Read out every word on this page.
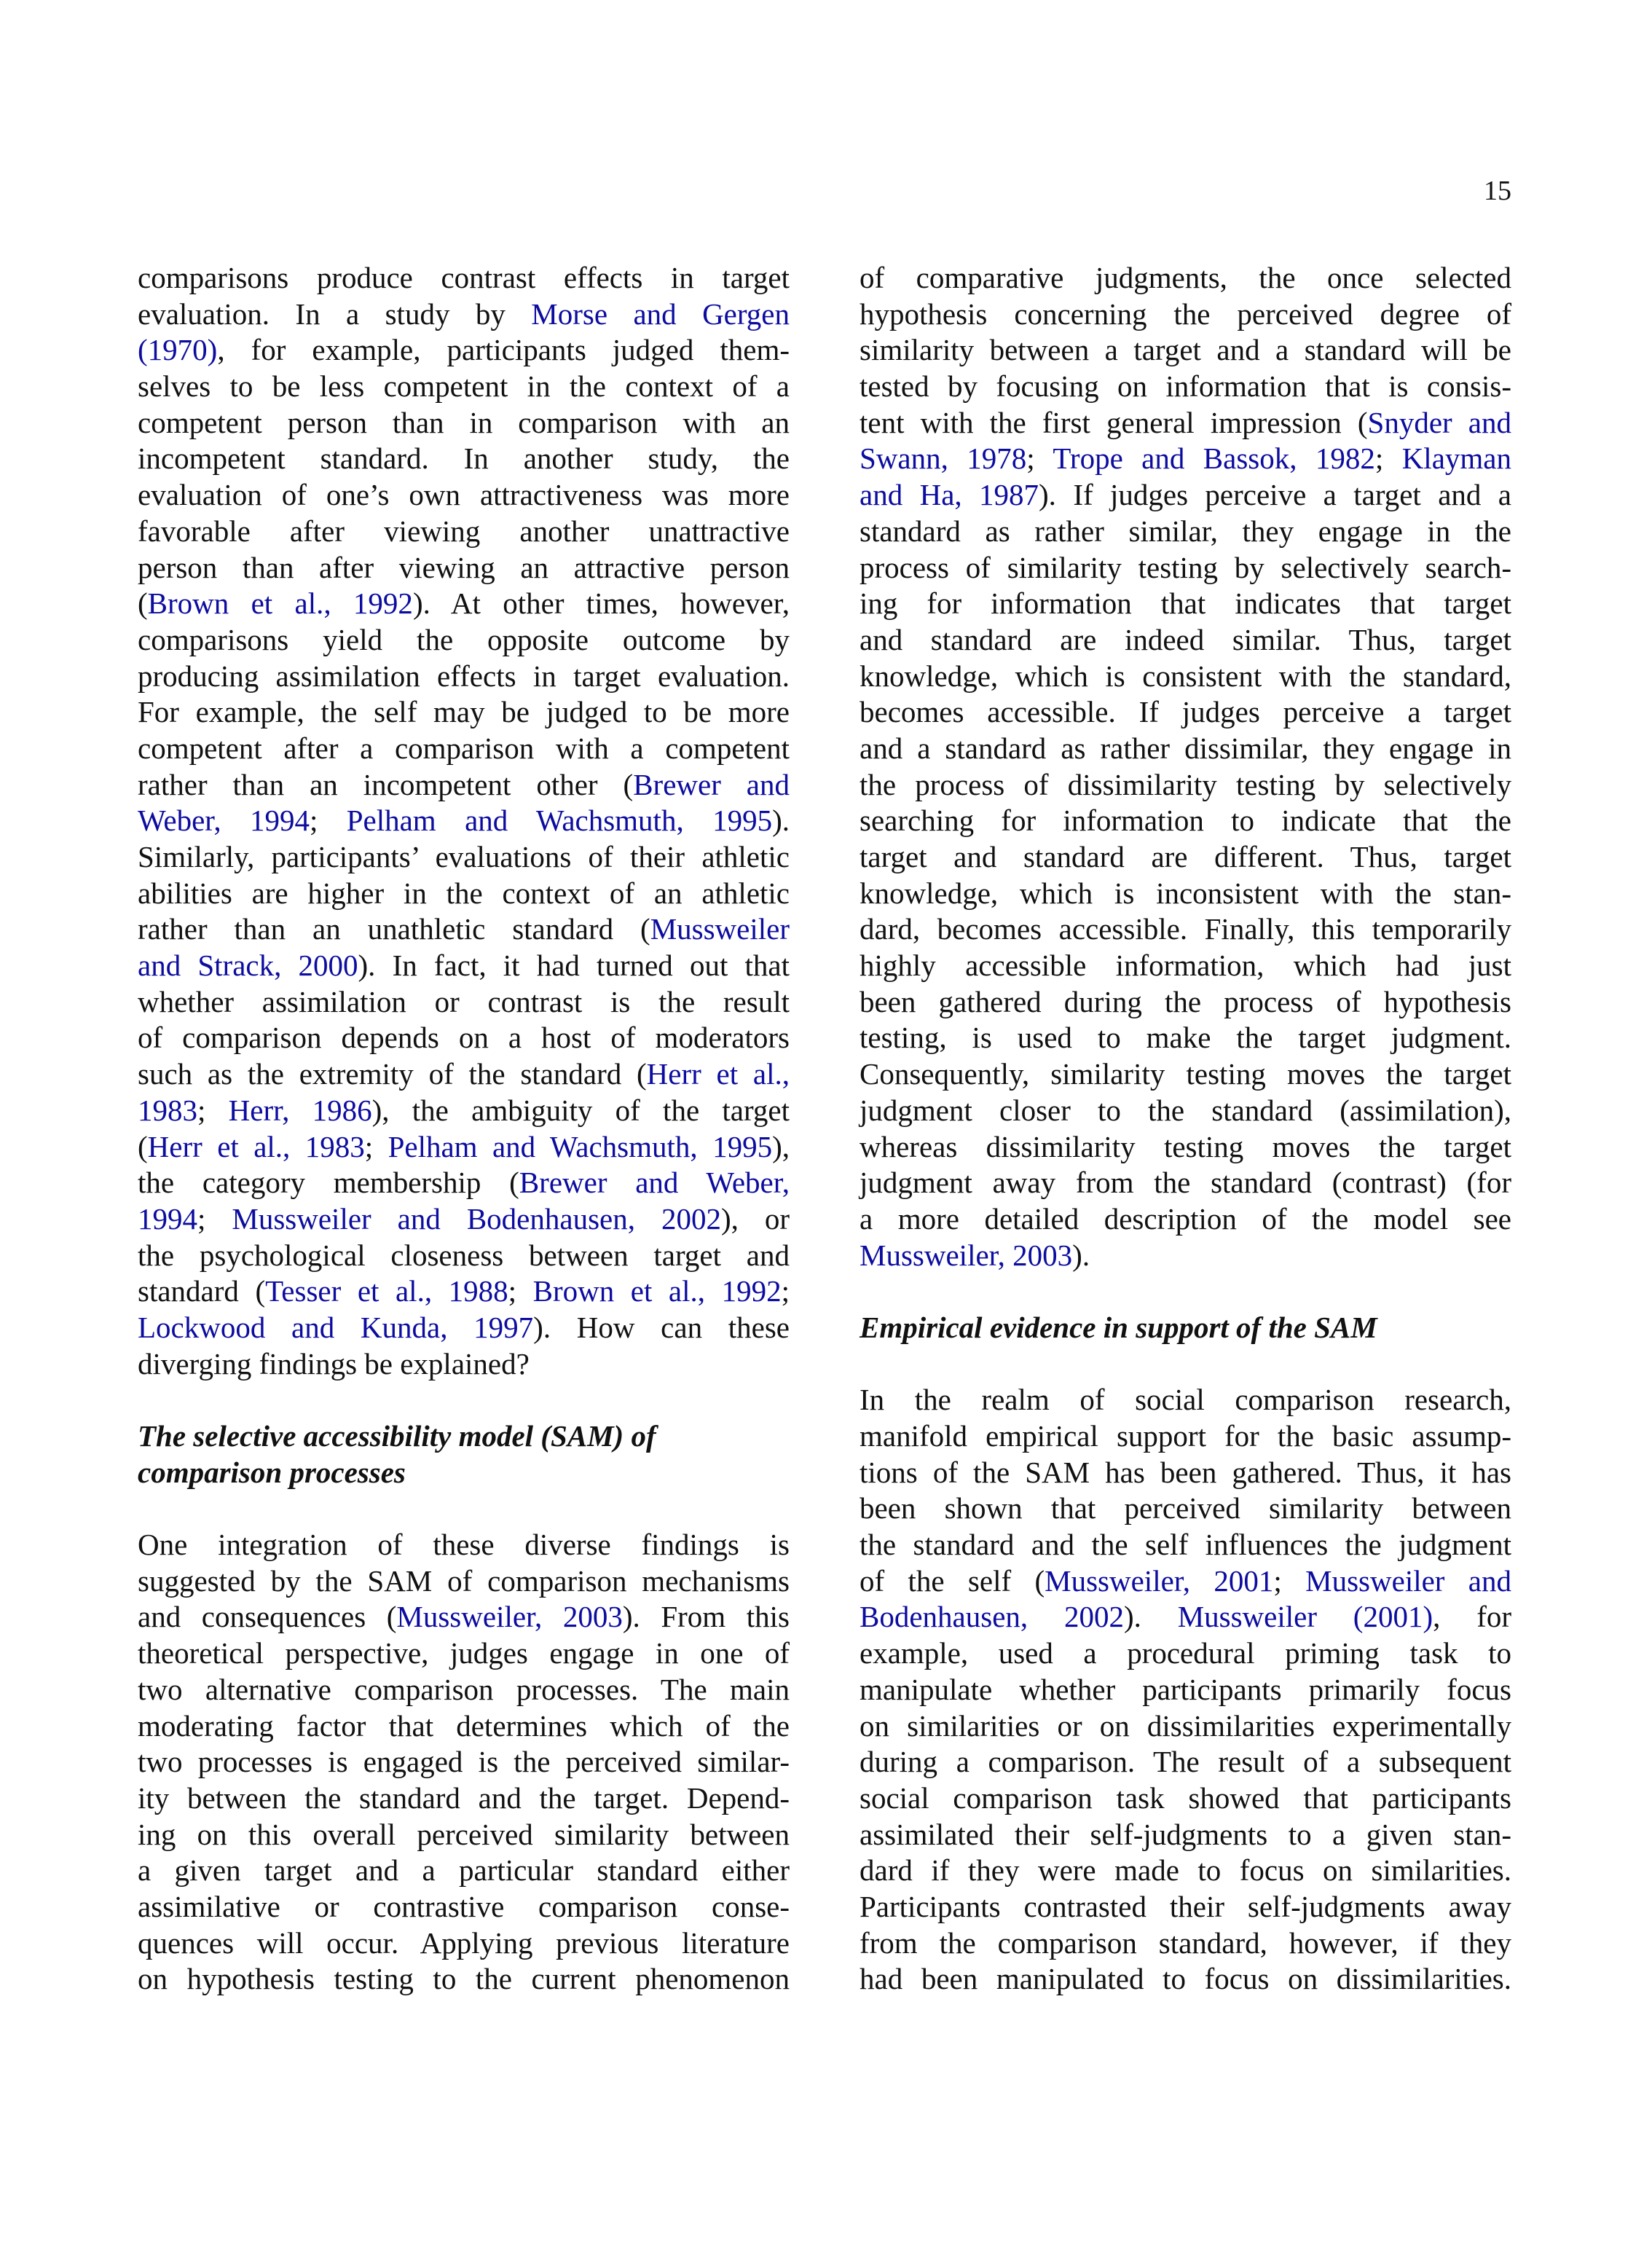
15
comparisons produce contrast effects in target
evaluation. In a study by Morse and Gergen
(1970), for example, participants judged them-
selves to be less competent in the context of a
competent person than in comparison with an
incompetent standard. In another study, the
evaluation of one’s own attractiveness was more
favorable after viewing another unattractive
person than after viewing an attractive person
(Brown et al., 1992). At other times, however,
comparisons yield the opposite outcome by
producing assimilation effects in target evaluation.
For example, the self may be judged to be more
competent after a comparison with a competent
rather than an incompetent other (Brewer and
Weber, 1994; Pelham and Wachsmuth, 1995).
Similarly, participants’ evaluations of their athletic
abilities are higher in the context of an athletic
rather than an unathletic standard (Mussweiler
and Strack, 2000). In fact, it had turned out that
whether assimilation or contrast is the result
of comparison depends on a host of moderators
such as the extremity of the standard (Herr et al.,
1983; Herr, 1986), the ambiguity of the target
(Herr et al., 1983; Pelham and Wachsmuth, 1995),
the category membership (Brewer and Weber,
1994; Mussweiler and Bodenhausen, 2002), or
the psychological closeness between target and
standard (Tesser et al., 1988; Brown et al., 1992;
Lockwood and Kunda, 1997). How can these
diverging findings be explained?
The selective accessibility model (SAM) of
comparison processes
One integration of these diverse findings is
suggested by the SAM of comparison mechanisms
and consequences (Mussweiler, 2003). From this
theoretical perspective, judges engage in one of
two alternative comparison processes. The main
moderating factor that determines which of the
two processes is engaged is the perceived similar-
ity between the standard and the target. Depend-
ing on this overall perceived similarity between
a given target and a particular standard either
assimilative or contrastive comparison conse-
quences will occur. Applying previous literature
on hypothesis testing to the current phenomenon
of comparative judgments, the once selected
hypothesis concerning the perceived degree of
similarity between a target and a standard will be
tested by focusing on information that is consis-
tent with the first general impression (Snyder and
Swann, 1978; Trope and Bassok, 1982; Klayman
and Ha, 1987). If judges perceive a target and a
standard as rather similar, they engage in the
process of similarity testing by selectively search-
ing for information that indicates that target
and standard are indeed similar. Thus, target
knowledge, which is consistent with the standard,
becomes accessible. If judges perceive a target
and a standard as rather dissimilar, they engage in
the process of dissimilarity testing by selectively
searching for information to indicate that the
target and standard are different. Thus, target
knowledge, which is inconsistent with the stan-
dard, becomes accessible. Finally, this temporarily
highly accessible information, which had just
been gathered during the process of hypothesis
testing, is used to make the target judgment.
Consequently, similarity testing moves the target
judgment closer to the standard (assimilation),
whereas dissimilarity testing moves the target
judgment away from the standard (contrast) (for
a more detailed description of the model see
Mussweiler, 2003).
Empirical evidence in support of the SAM
In the realm of social comparison research,
manifold empirical support for the basic assump-
tions of the SAM has been gathered. Thus, it has
been shown that perceived similarity between
the standard and the self influences the judgment
of the self (Mussweiler, 2001; Mussweiler and
Bodenhausen, 2002). Mussweiler (2001), for
example, used a procedural priming task to
manipulate whether participants primarily focus
on similarities or on dissimilarities experimentally
during a comparison. The result of a subsequent
social comparison task showed that participants
assimilated their self-judgments to a given stan-
dard if they were made to focus on similarities.
Participants contrasted their self-judgments away
from the comparison standard, however, if they
had been manipulated to focus on dissimilarities.
